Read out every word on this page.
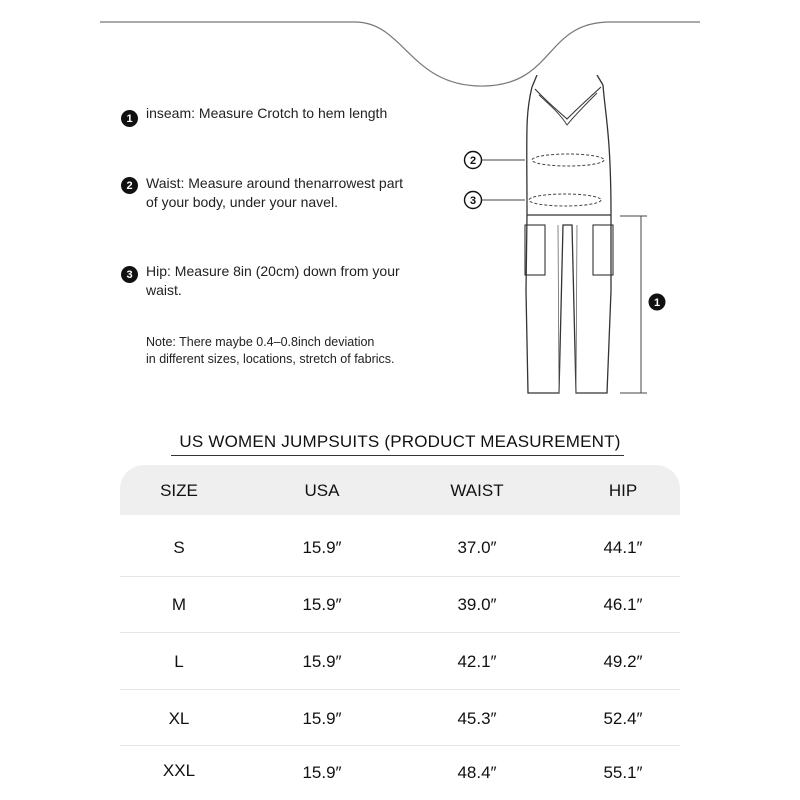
1 inseam: Measure Crotch to hem length
2 Waist: Measure around thenarrowest part
of your body, under your navel.
3 Hip: Measure 8in (20cm) down from your
waist.
Note: There maybe 0.4–0.8inch deviation
in different sizes, locations, stretch of fabrics.
2
3
1
US WOMEN JUMPSUITS (PRODUCT MEASUREMENT)
SIZE	USA	WAIST	HIP
S	15.9″	37.0″	44.1″
M	15.9″	39.0″	46.1″
L	15.9″	42.1″	49.2″
XL	15.9″	45.3″	52.4″
XXL	15.9″	48.4″	55.1″
